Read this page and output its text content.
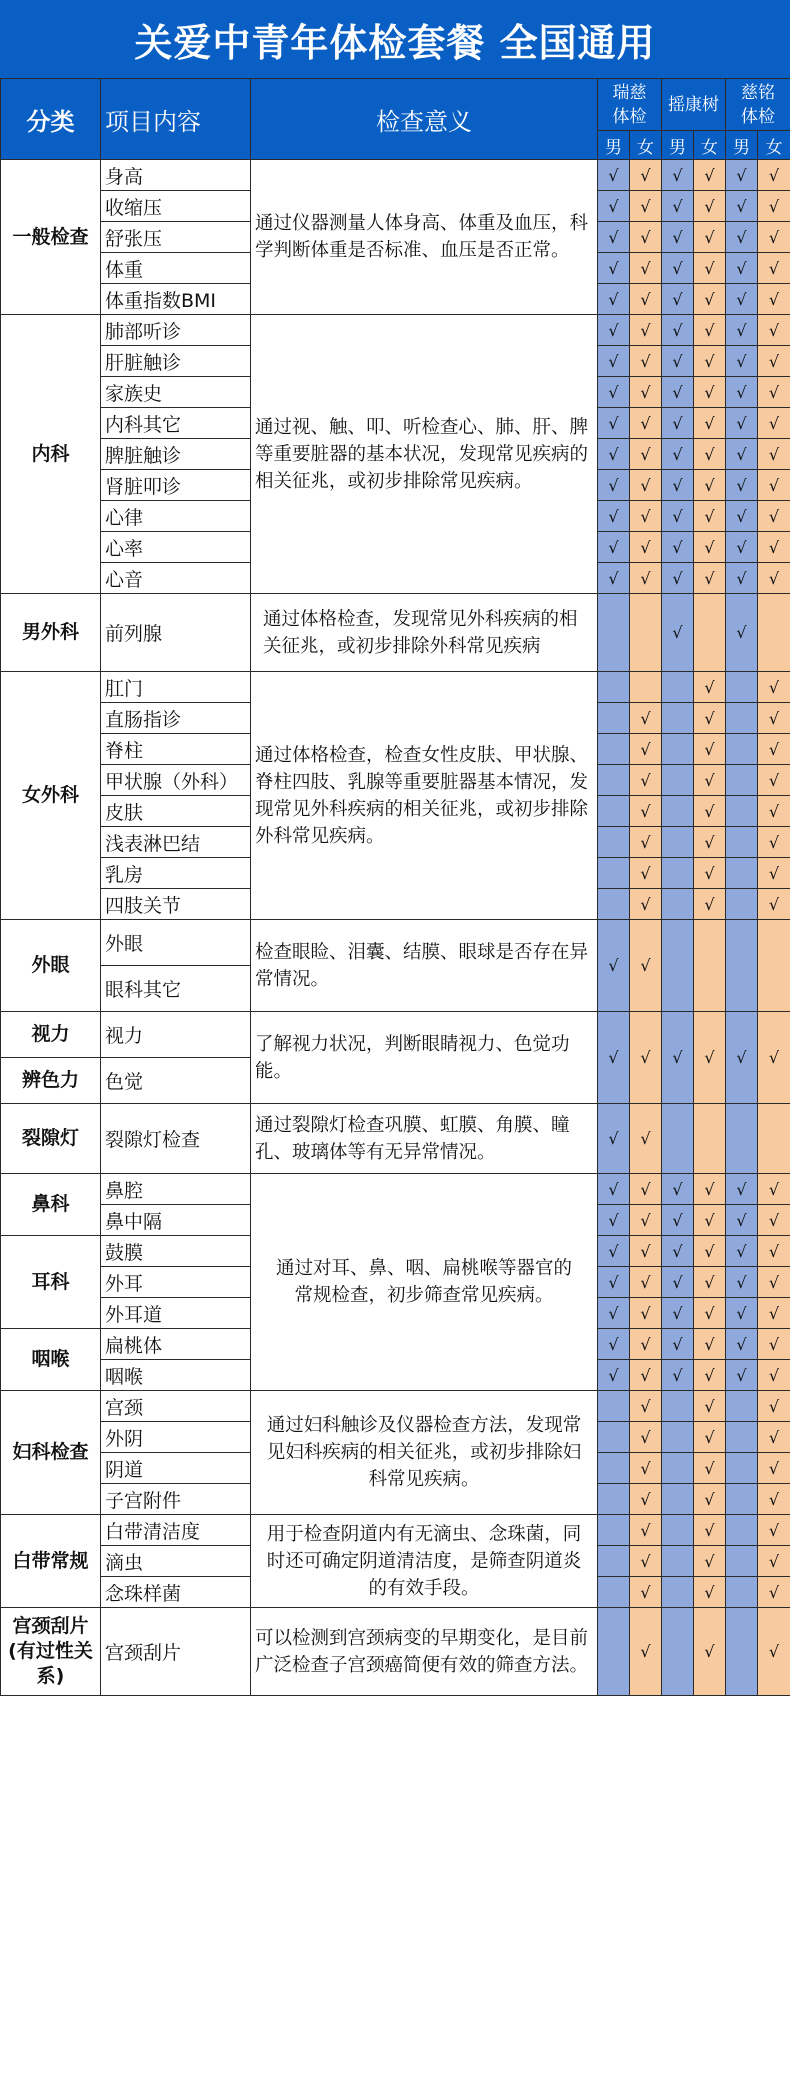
关爱中青年体检套餐 全国通用
分类	项目内容	检查意义	瑞慈体检		摇康树		慈铭体检	
			男	女	男	女	男	女
一般检查	身高	通过仪器测量人体身高、体重及血压，科学判断体重是否标准、血压是否正常。	√	√	√	√	√	√
	收缩压		√	√	√	√	√	√
	舒张压		√	√	√	√	√	√
	体重		√	√	√	√	√	√
	体重指数BMI		√	√	√	√	√	√
内科	肺部听诊	通过视、触、叩、听检查心、肺、肝、脾等重要脏器的基本状况，发现常见疾病的相关征兆，或初步排除常见疾病。	√	√	√	√	√	√
	肝脏触诊		√	√	√	√	√	√
	家族史		√	√	√	√	√	√
	内科其它		√	√	√	√	√	√
	脾脏触诊		√	√	√	√	√	√
	肾脏叩诊		√	√	√	√	√	√
	心律		√	√	√	√	√	√
	心率		√	√	√	√	√	√
	心音		√	√	√	√	√	√
男外科	前列腺	通过体格检查，发现常见外科疾病的相关征兆，或初步排除外科常见疾病			√		√	
女外科	肛门	通过体格检查，检查女性皮肤、甲状腺、脊柱四肢、乳腺等重要脏器基本情况，发现常见外科疾病的相关征兆，或初步排除外科常见疾病。				√		√
	直肠指诊			√		√		√
	脊柱			√		√		√
	甲状腺（外科）			√		√		√
	皮肤			√		√		√
	浅表淋巴结			√		√		√
	乳房			√		√		√
	四肢关节			√		√		√
外眼	外眼	检查眼睑、泪囊、结膜、眼球是否存在异常情况。	√	√				
	眼科其它							
视力	视力	了解视力状况，判断眼睛视力、色觉功能。	√	√	√	√	√	√
辨色力	色觉							
裂隙灯	裂隙灯检查	通过裂隙灯检查巩膜、虹膜、角膜、瞳孔、玻璃体等有无异常情况。	√	√				
鼻科	鼻腔	通过对耳、鼻、咽、扁桃喉等器官的常规检查，初步筛查常见疾病。	√	√	√	√	√	√
	鼻中隔		√	√	√	√	√	√
耳科	鼓膜		√	√	√	√	√	√
	外耳		√	√	√	√	√	√
	外耳道		√	√	√	√	√	√
咽喉	扁桃体		√	√	√	√	√	√
	咽喉		√	√	√	√	√	√
妇科检查	宫颈	通过妇科触诊及仪器检查方法，发现常见妇科疾病的相关征兆，或初步排除妇科常见疾病。		√		√		√
	外阴			√		√		√
	阴道			√		√		√
	子宫附件			√		√		√
白带常规	白带清洁度	用于检查阴道内有无滴虫、念珠菌，同时还可确定阴道清洁度，是筛查阴道炎的有效手段。		√		√		√
	滴虫			√		√		√
	念珠样菌			√		√		√
宫颈刮片
(有过性关系)	宫颈刮片	可以检测到宫颈病变的早期变化，是目前广泛检查子宫颈癌简便有效的筛查方法。		√		√		√
